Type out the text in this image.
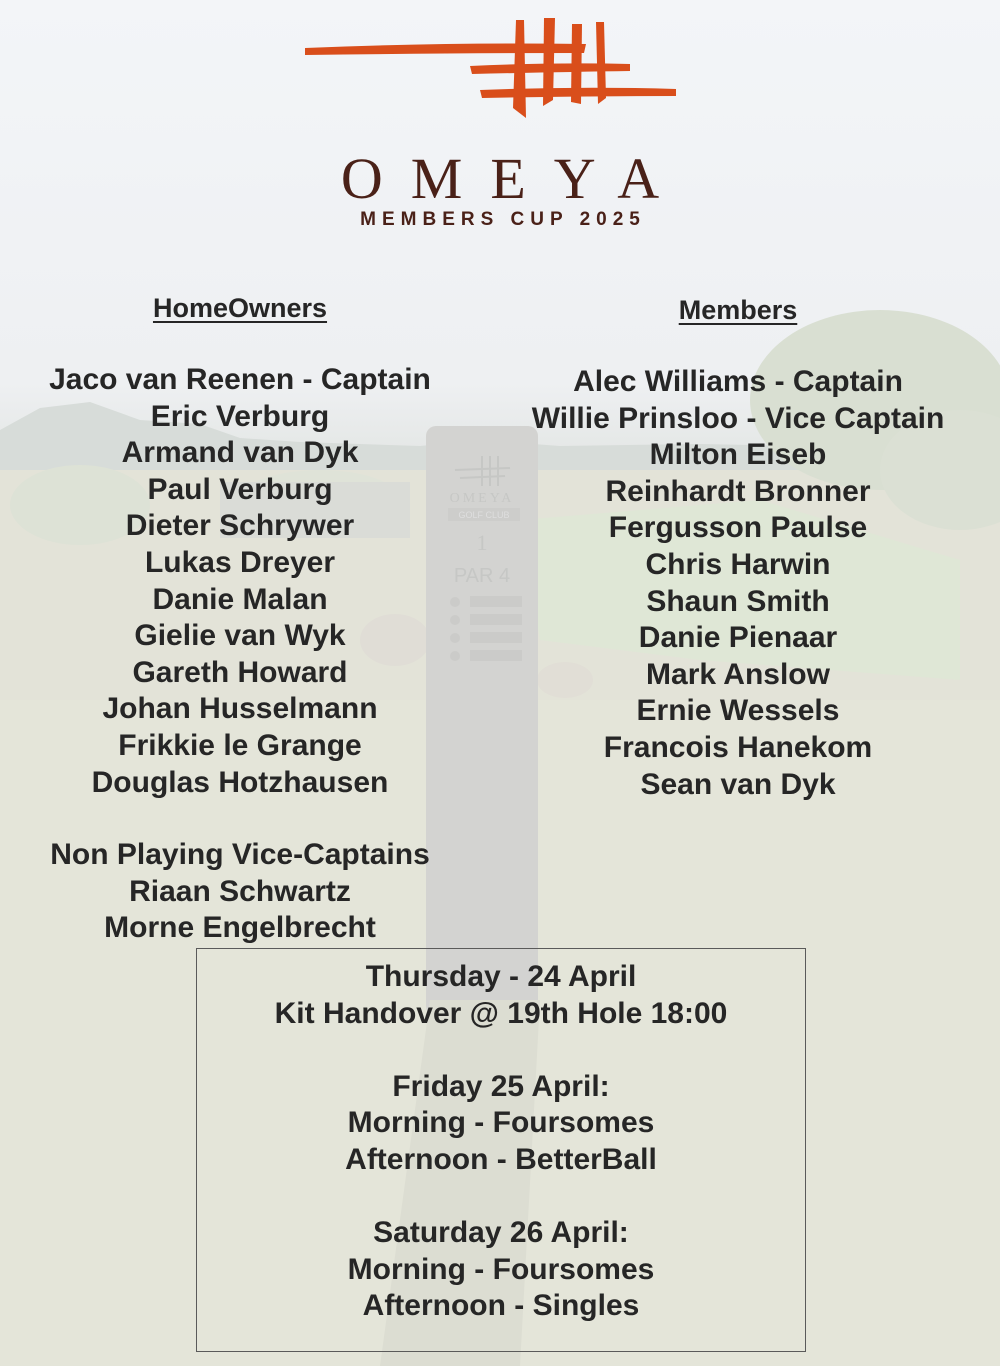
OMEYA
GOLF CLUB
1
PAR 4
OMEYA
MEMBERS CUP 2025
HomeOwners
Jaco van Reenen - Captain
Eric Verburg
Armand van Dyk
Paul Verburg
Dieter Schrywer
Lukas Dreyer
Danie Malan
Gielie van Wyk
Gareth Howard
Johan Husselmann
Frikkie le Grange
Douglas Hotzhausen
Non Playing Vice-Captains
Riaan Schwartz
Morne Engelbrecht
Members
Alec Williams - Captain
Willie Prinsloo - Vice Captain
Milton Eiseb
Reinhardt Bronner
Fergusson Paulse
Chris Harwin
Shaun Smith
Danie Pienaar
Mark Anslow
Ernie Wessels
Francois Hanekom
Sean van Dyk
Thursday - 24 April
Kit Handover @ 19th Hole 18:00
Friday 25 April:
Morning - Foursomes
Afternoon - BetterBall
Saturday 26 April:
Morning - Foursomes
Afternoon - Singles
